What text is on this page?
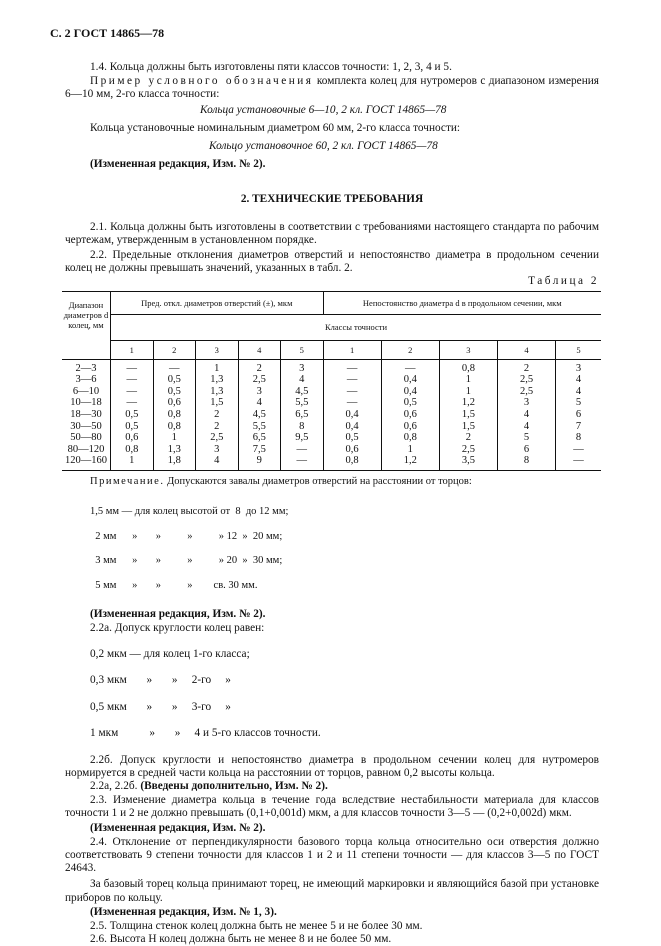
С. 2 ГОСТ 14865—78

1.4. Кольца должны быть изготовлены пяти классов точности: 1, 2, 3, 4 и 5.

Пример условного обозначения комплекта колец для нутромеров с диапазоном измерения 6—10 мм, 2-го класса точности:

Кольца установочные 6—10, 2 кл. ГОСТ 14865—78

Кольца установочные номинальным диаметром 60 мм, 2-го класса точности:

Кольцо установочное 60, 2 кл. ГОСТ 14865—78

(Измененная редакция, Изм. № 2).

2. ТЕХНИЧЕСКИЕ ТРЕБОВАНИЯ

2.1. Кольца должны быть изготовлены в соответствии с требованиями настоящего стандарта по рабочим чертежам, утвержденным в установленном порядке.

2.2. Предельные отклонения диаметров отверстий и непостоянство диаметра в продольном сечении колец не должны превышать значений, указанных в табл. 2.

Таблица 2

Диапазон диаметров d колец, мм	Пред. откл. диаметров отверстий (±), мкм					Непостоянство диаметра d в продольном сечении, мкм				
	Классы точности									
	1	2	3	4	5	1	2	3	4	5
2—3	—	—	1	2	3	—	—	0,8	2	3
3—6	—	0,5	1,3	2,5	4	—	0,4	1	2,5	4
6—10	—	0,5	1,3	3	4,5	—	0,4	1	2,5	4
10—18	—	0,6	1,5	4	5,5	—	0,5	1,2	3	5
18—30	0,5	0,8	2	4,5	6,5	0,4	0,6	1,5	4	6
30—50	0,5	0,8	2	5,5	8	0,4	0,6	1,5	4	7
50—80	0,6	1	2,5	6,5	9,5	0,5	0,8	2	5	8
80—120	0,8	1,3	3	7,5	—	0,6	1	2,5	6	—
120—160	1	1,8	4	9	—	0,8	1,2	3,5	8	—

Примечание. Допускаются завалы диаметров отверстий на расстоянии от торцов:

1,5 мм — для колец высотой от  8  до 12 мм;

2 мм      »       »          »          » 12  »  20 мм;

3 мм      »       »          »          » 20  »  30 мм;

5 мм      »       »          »        св. 30 мм.

(Измененная редакция, Изм. № 2).

2.2а. Допуск круглости колец равен:

0,2 мкм — для колец 1-го класса;

0,3 мкм       »       »     2-го     »

0,5 мкм       »       »     3-го     »

1 мкм           »       »     4 и 5-го классов точности.

2.2б. Допуск круглости и непостоянство диаметра в продольном сечении колец для нутромеров нормируется в средней части кольца на расстоянии от торцов, равном 0,2 высоты кольца.

2.2а, 2.2б. (Введены дополнительно, Изм. № 2).

2.3. Изменение диаметра кольца в течение года вследствие нестабильности материала для классов точности 1 и 2 не должно превышать (0,1+0,001d) мкм, а для классов точности 3—5 — (0,2+0,002d) мкм.

(Измененная редакция, Изм. № 2).

2.4. Отклонение от перпендикулярности базового торца кольца относительно оси отверстия должно соответствовать 9 степени точности для классов 1 и 2 и 11 степени точности — для классов 3—5 по ГОСТ 24643.

За базовый торец кольца принимают торец, не имеющий маркировки и являющийся базой при установке приборов по кольцу.

(Измененная редакция, Изм. № 1, 3).

2.5. Толщина стенок колец должна быть не менее 5 и не более 30 мм.

2.6. Высота H колец должна быть не менее 8 и не более 50 мм.
